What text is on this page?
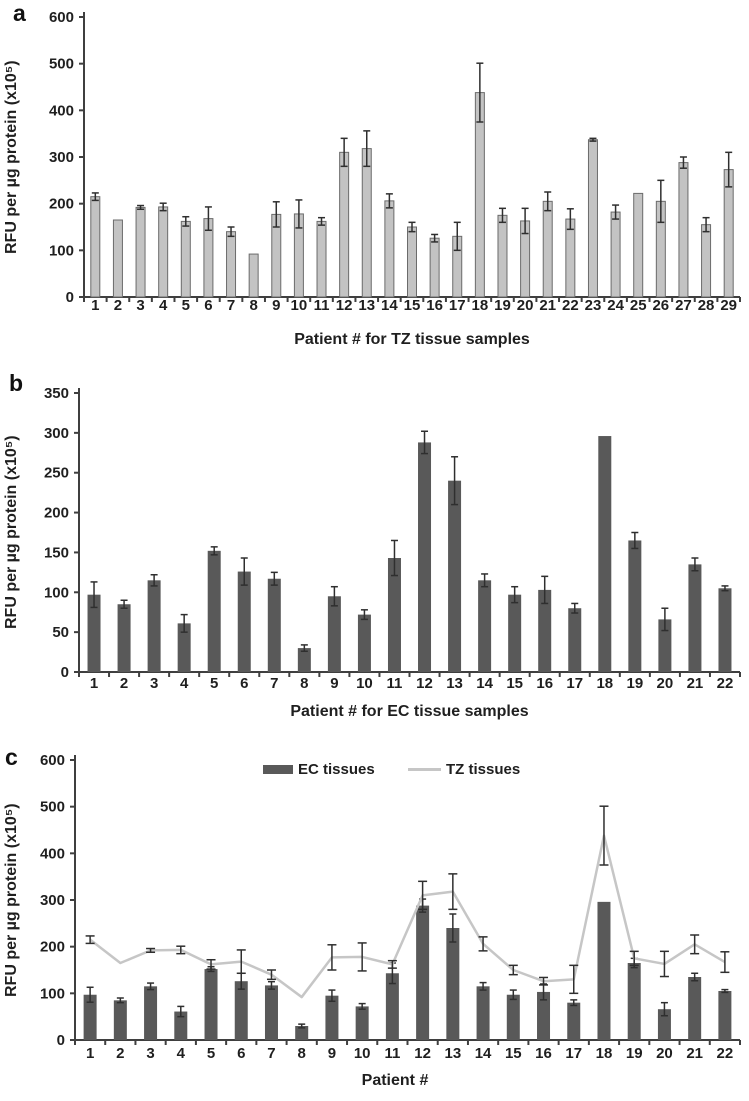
a
RFU per µg protein (x10⁵)
0
100
200
300
400
500
600
1 2 3 4 5 6 7 8 9 10 11 12 13 14 15 16 17 18 19 20 21 22 23 24 25 26 27 28 29
Patient # for TZ tissue samples
b
RFU per µg protein (x10⁵)
0
50
100
150
200
250
300
350
1 2 3 4 5 6 7 8 9 10 11 12 13 14 15 16 17 18 19 20 21 22
Patient # for EC tissue samples
c
RFU per µg protein (x10⁵)
0
100
200
300
400
500
600
1 2 3 4 5 6 7 8 9 10 11 12 13 14 15 16 17 18 19 20 21 22
EC tissues	TZ tissues
Patient #
